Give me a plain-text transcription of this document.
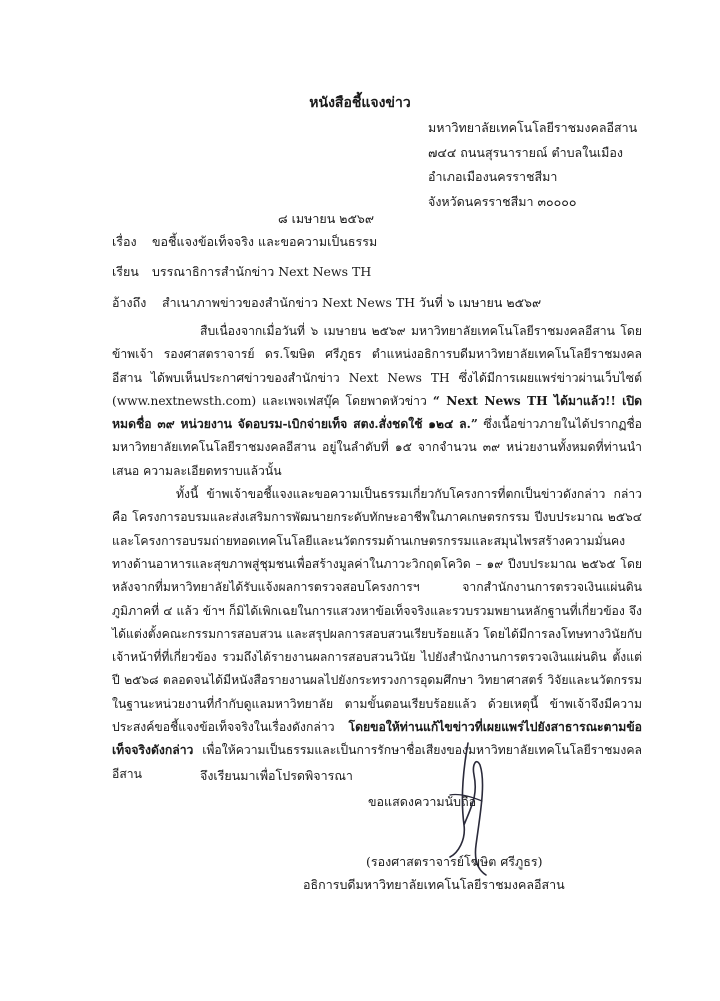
หนังสือชี้แจงข่าว
มหาวิทยาลัยเทคโนโลยีราชมงคลอีสาน
๗๔๔ ถนนสุรนารายณ์ ตำบลในเมือง
อำเภอเมืองนครราชสีมา
จังหวัดนครราชสีมา ๓๐๐๐๐
๘ เมษายน ๒๕๖๙
เรื่อง ขอชี้แจงข้อเท็จจริง และขอความเป็นธรรม
เรียน บรรณาธิการสำนักข่าว Next News TH
อ้างถึง สำเนาภาพข่าวของสำนักข่าว Next News TH วันที่ ๖ เมษายน ๒๕๖๙

สืบเนื่องจากเมื่อวันที่ ๖ เมษายน ๒๕๖๙ มหาวิทยาลัยเทคโนโลยีราชมงคลอีสาน โดยข้าพเจ้า รองศาสตราจารย์ ดร.โฆษิต ศรีภูธร ตำแหน่งอธิการบดีมหาวิทยาลัยเทคโนโลยีราชมงคลอีสาน ได้พบเห็นประกาศข่าวของสำนักข่าว Next News TH ซึ่งได้มีการเผยแพร่ข่าวผ่านเว็บไซต์ (www.nextnewsth.com) และเพจเฟสบุ๊ค โดยพาดหัวข่าว “ Next News TH ได้มาแล้ว!! เปิดหมดชื่อ ๓๙ หน่วยงาน จัดอบรม-เบิกจ่ายเท็จ สตง.สั่งชดใช้ ๑๒๔ ล.” ซึ่งเนื้อข่าวภายในได้ปรากฏชื่อ มหาวิทยาลัยเทคโนโลยีราชมงคลอีสาน อยู่ในลำดับที่ ๑๕ จากจำนวน ๓๙ หน่วยงานทั้งหมดที่ท่านนำเสนอ ความละเอียดทราบแล้วนั้น

ทั้งนี้ ข้าพเจ้าขอชี้แจงและขอความเป็นธรรมเกี่ยวกับโครงการที่ตกเป็นข่าวดังกล่าว กล่าวคือ โครงการอบรมและส่งเสริมการพัฒนายกระดับทักษะอาชีพในภาคเกษตรกรรม ปีงบประมาณ ๒๕๖๔ และโครงการอบรมถ่ายทอดเทคโนโลยีและนวัตกรรมด้านเกษตรกรรมและสมุนไพรสร้างความมั่นคงทางด้านอาหารและสุขภาพสู่ชุมชนเพื่อสร้างมูลค่าในภาวะวิกฤตโควิด – ๑๙ ปีงบประมาณ ๒๕๖๕ โดยหลังจากที่มหาวิทยาลัยได้รับแจ้งผลการตรวจสอบโครงการฯ จากสำนักงานการตรวจเงินแผ่นดินภูมิภาคที่ ๔ แล้ว ข้าฯ ก็มิได้เพิกเฉยในการแสวงหาข้อเท็จจริงและรวบรวมพยานหลักฐานที่เกี่ยวข้อง จึงได้แต่งตั้งคณะกรรมการสอบสวน และสรุปผลการสอบสวนเรียบร้อยแล้ว โดยได้มีการลงโทษทางวินัยกับเจ้าหน้าที่ที่เกี่ยวข้อง รวมถึงได้รายงานผลการสอบสวนวินัย ไปยังสำนักงานการตรวจเงินแผ่นดิน ตั้งแต่ปี ๒๕๖๘ ตลอดจนได้มีหนังสือรายงานผลไปยังกระทรวงการอุดมศึกษา วิทยาศาสตร์ วิจัยและนวัตกรรม ในฐานะหน่วยงานที่กำกับดูแลมหาวิทยาลัย ตามขั้นตอนเรียบร้อยแล้ว ด้วยเหตุนี้ ข้าพเจ้าจึงมีความประสงค์ขอชี้แจงข้อเท็จจริงในเรื่องดังกล่าว โดยขอให้ท่านแก้ไขข่าวที่เผยแพร่ไปยังสาธารณะตามข้อเท็จจริงดังกล่าว เพื่อให้ความเป็นธรรมและเป็นการรักษาชื่อเสียงของมหาวิทยาลัยเทคโนโลยีราชมงคลอีสาน	จึงเรียนมาเพื่อโปรดพิจารณา
ขอแสดงความนับถือ
(รองศาสตราจารย์โฆษิต ศรีภูธร)
อธิการบดีมหาวิทยาลัยเทคโนโลยีราชมงคลอีสาน
